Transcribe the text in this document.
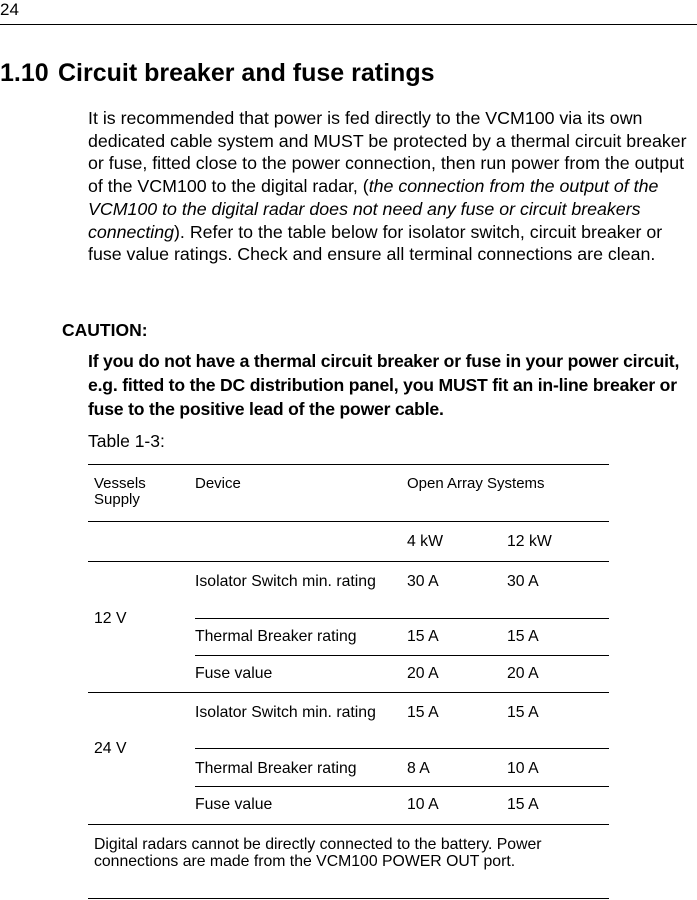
24
1.10 Circuit breaker and fuse ratings

It is recommended that power is fed directly to the VCM100 via its own dedicated cable system and MUST be protected by a thermal circuit breaker or fuse, fitted close to the power connection, then run power from the output of the VCM100 to the digital radar, (the connection from the output of the VCM100 to the digital radar does not need any fuse or circuit breakers connecting). Refer to the table below for isolator switch, circuit breaker or fuse value ratings. Check and ensure all terminal connections are clean.

CAUTION:

If you do not have a thermal circuit breaker or fuse in your power circuit, e.g. fitted to the DC distribution panel, you MUST fit an in-line breaker or fuse to the positive lead of the power cable.

Table 1-3:
Vessels Supply
Device	Open Array Systems
4 kW	12 kW
12 V
Isolator Switch min. rating	30 A	30 A
Thermal Breaker rating	15 A	15 A
Fuse value	20 A	20 A
24 V
Isolator Switch min. rating	15 A	15 A
Thermal Breaker rating	8 A	10 A
Fuse value	10 A	15 A
Digital radars cannot be directly connected to the battery. Power connections are made from the VCM100 POWER OUT port.
